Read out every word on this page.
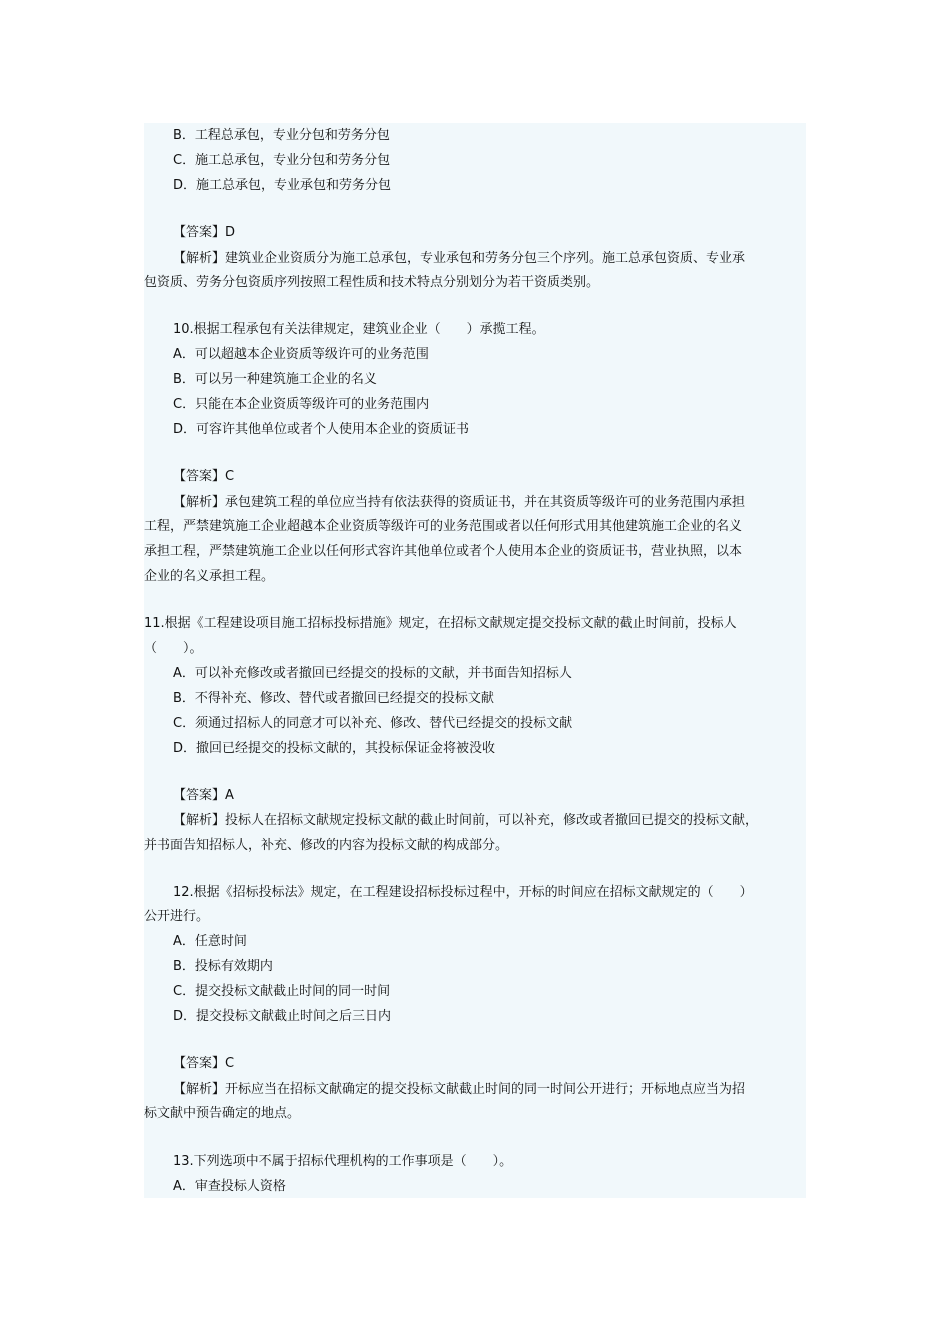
B．工程总承包，专业分包和劳务分包
C．施工总承包，专业分包和劳务分包
D．施工总承包，专业承包和劳务分包
【答案】D
【解析】建筑业企业资质分为施工总承包，专业承包和劳务分包三个序列。施工总承包资质、专业承
包资质、劳务分包资质序列按照工程性质和技术特点分别划分为若干资质类别。
10.根据工程承包有关法律规定，建筑业企业（　　）承揽工程。
A．可以超越本企业资质等级许可的业务范围
B．可以另一种建筑施工企业的名义
C．只能在本企业资质等级许可的业务范围内
D．可容许其他单位或者个人使用本企业的资质证书
【答案】C
【解析】承包建筑工程的单位应当持有依法获得的资质证书，并在其资质等级许可的业务范围内承担
工程，严禁建筑施工企业超越本企业资质等级许可的业务范围或者以任何形式用其他建筑施工企业的名义
承担工程，严禁建筑施工企业以任何形式容许其他单位或者个人使用本企业的资质证书，营业执照，以本
企业的名义承担工程。
11.根据《工程建设项目施工招标投标措施》规定，在招标文献规定提交投标文献的截止时间前，投标人
（　　）。
A．可以补充修改或者撤回已经提交的投标的文献，并书面告知招标人
B．不得补充、修改、替代或者撤回已经提交的投标文献
C．须通过招标人的同意才可以补充、修改、替代已经提交的投标文献
D．撤回已经提交的投标文献的，其投标保证金将被没收
【答案】A
【解析】投标人在招标文献规定投标文献的截止时间前，可以补充，修改或者撤回已提交的投标文献，
并书面告知招标人，补充、修改的内容为投标文献的构成部分。
12.根据《招标投标法》规定，在工程建设招标投标过程中，开标的时间应在招标文献规定的（　　）
公开进行。
A．任意时间
B．投标有效期内
C．提交投标文献截止时间的同一时间
D．提交投标文献截止时间之后三日内
【答案】C
【解析】开标应当在招标文献确定的提交投标文献截止时间的同一时间公开进行；开标地点应当为招
标文献中预告确定的地点。
13.下列选项中不属于招标代理机构的工作事项是（　　）。
A．审查投标人资格
